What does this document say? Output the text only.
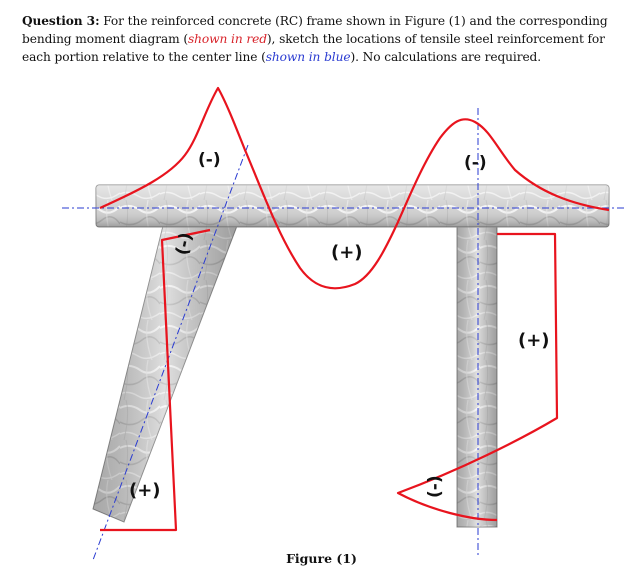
Question 3: For the reinforced concrete (RC) frame shown in Figure (1) and the corresponding bending moment diagram (shown in red), sketch the locations of tensile steel reinforcement for each portion relative to the center line (shown in blue). No calculations are required.
(-)
(+)
(-)
(-)
(+)
(+)
(-)
Figure (1)
